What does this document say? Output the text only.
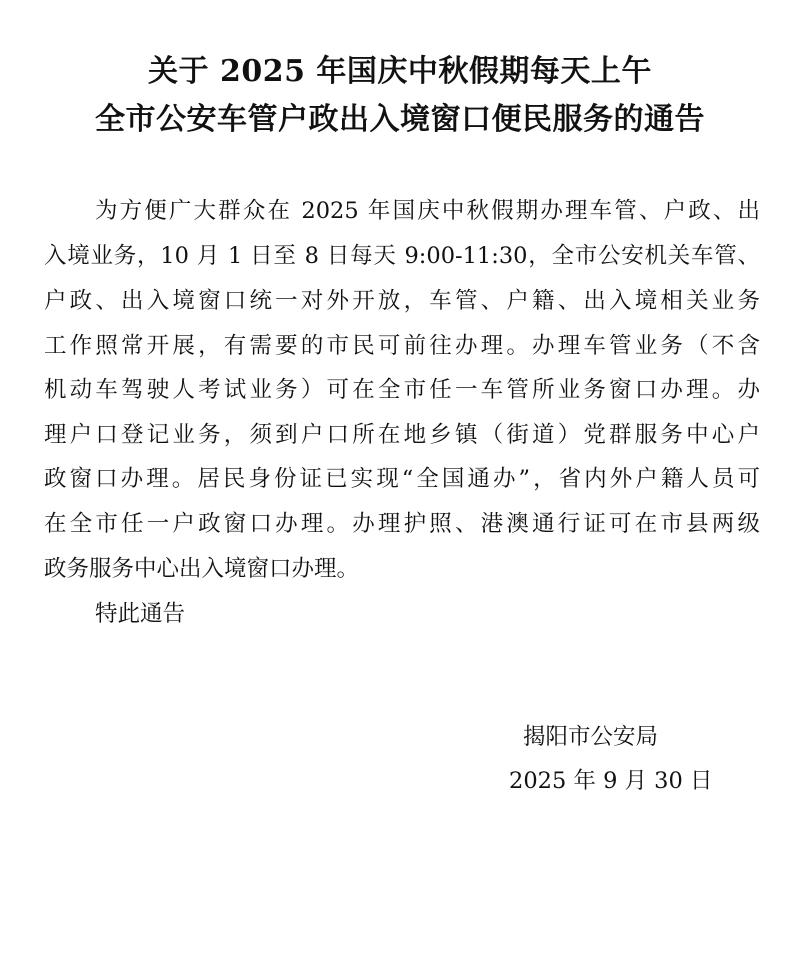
关于 2025 年国庆中秋假期每天上午
全市公安车管户政出入境窗口便民服务的通告
为方便广大群众在 2025 年国庆中秋假期办理车管、户政、出
入境业务，10 月 1 日至 8 日每天 9:00-11:30，全市公安机关车管、
户政、出入境窗口统一对外开放，车管、户籍、出入境相关业务
工作照常开展，有需要的市民可前往办理。办理车管业务（不含
机动车驾驶人考试业务）可在全市任一车管所业务窗口办理。办
理户口登记业务，须到户口所在地乡镇（街道）党群服务中心户
政窗口办理。居民身份证已实现“全国通办”，省内外户籍人员可
在全市任一户政窗口办理。办理护照、港澳通行证可在市县两级
政务服务中心出入境窗口办理。
特此通告
揭阳市公安局
2025 年 9 月 30 日
